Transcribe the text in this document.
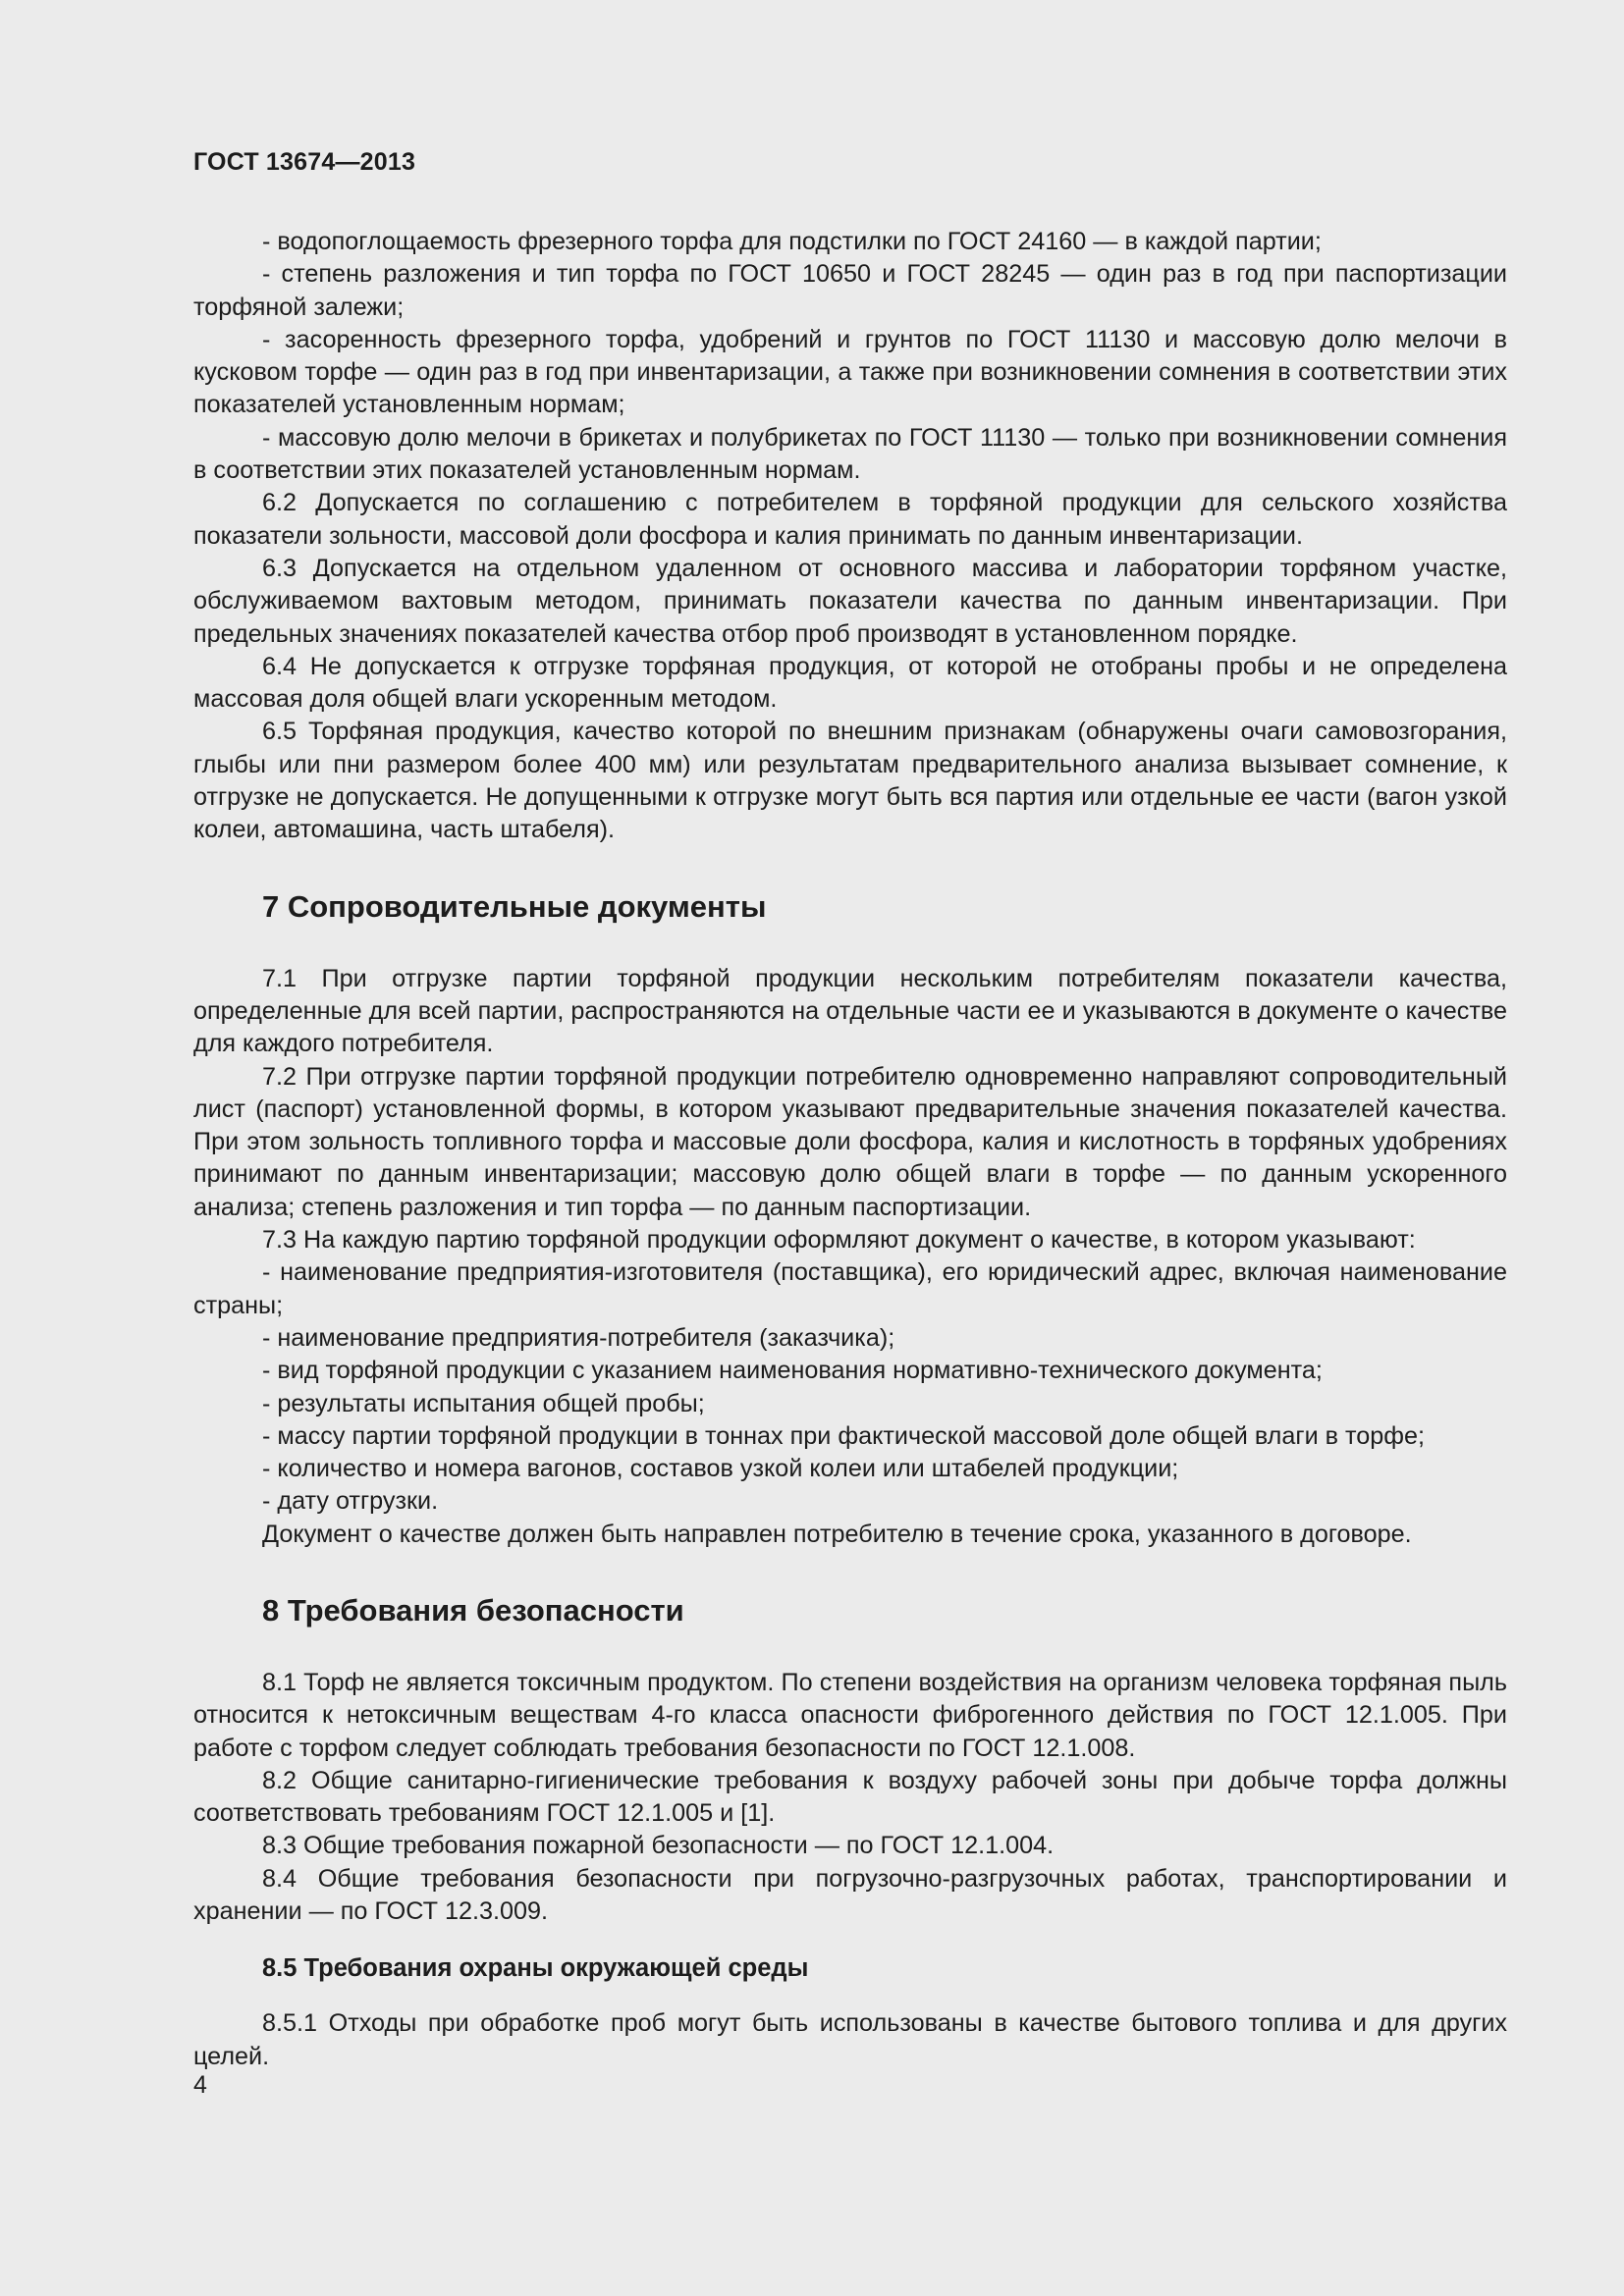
ГОСТ 13674—2013

- водопоглощаемость фрезерного торфа для подстилки по ГОСТ 24160 — в каждой партии;

- степень разложения и тип торфа по ГОСТ 10650 и ГОСТ 28245 — один раз в год при паспортизации торфяной залежи;

- засоренность фрезерного торфа, удобрений и грунтов по ГОСТ 11130 и массовую долю мелочи в кусковом торфе — один раз в год при инвентаризации, а также при возникновении сомнения в соответствии этих показателей установленным нормам;

- массовую долю мелочи в брикетах и полубрикетах по ГОСТ 11130 — только при возникновении сомнения в соответствии этих показателей установленным нормам.

6.2 Допускается по соглашению с потребителем в торфяной продукции для сельского хозяйства показатели зольности, массовой доли фосфора и калия принимать по данным инвентаризации.

6.3 Допускается на отдельном удаленном от основного массива и лаборатории торфяном участке, обслуживаемом вахтовым методом, принимать показатели качества по данным инвентаризации. При предельных значениях показателей качества отбор проб производят в установленном порядке.

6.4 Не допускается к отгрузке торфяная продукция, от которой не отобраны пробы и не определена массовая доля общей влаги ускоренным методом.

6.5 Торфяная продукция, качество которой по внешним признакам (обнаружены очаги самовозгорания, глыбы или пни размером более 400 мм) или результатам предварительного анализа вызывает сомнение, к отгрузке не допускается. Не допущенными к отгрузке могут быть вся партия или отдельные ее части (вагон узкой колеи, автомашина, часть штабеля).

7 Сопроводительные документы

7.1 При отгрузке партии торфяной продукции нескольким потребителям показатели качества, определенные для всей партии, распространяются на отдельные части ее и указываются в документе о качестве для каждого потребителя.

7.2 При отгрузке партии торфяной продукции потребителю одновременно направляют сопроводительный лист (паспорт) установленной формы, в котором указывают предварительные значения показателей качества. При этом зольность топливного торфа и массовые доли фосфора, калия и кислотность в торфяных удобрениях принимают по данным инвентаризации; массовую долю общей влаги в торфе — по данным ускоренного анализа; степень разложения и тип торфа — по данным паспортизации.

7.3 На каждую партию торфяной продукции оформляют документ о качестве, в котором указывают:

- наименование предприятия-изготовителя (поставщика), его юридический адрес, включая наименование страны;

- наименование предприятия-потребителя (заказчика);

- вид торфяной продукции с указанием наименования нормативно-технического документа;

- результаты испытания общей пробы;

- массу партии торфяной продукции в тоннах при фактической массовой доле общей влаги в торфе;

- количество и номера вагонов, составов узкой колеи или штабелей продукции;

- дату отгрузки.

Документ о качестве должен быть направлен потребителю в течение срока, указанного в договоре.

8 Требования безопасности

8.1 Торф не является токсичным продуктом. По степени воздействия на организм человека торфяная пыль относится к нетоксичным веществам 4-го класса опасности фиброгенного действия по ГОСТ 12.1.005. При работе с торфом следует соблюдать требования безопасности по ГОСТ 12.1.008.

8.2 Общие санитарно-гигиенические требования к воздуху рабочей зоны при добыче торфа должны соответствовать требованиям ГОСТ 12.1.005 и [1].

8.3 Общие требования пожарной безопасности — по ГОСТ 12.1.004.

8.4 Общие требования безопасности при погрузочно-разгрузочных работах, транспортировании и хранении — по ГОСТ 12.3.009.

8.5 Требования охраны окружающей среды

8.5.1 Отходы при обработке проб могут быть использованы в качестве бытового топлива и для других целей.

4
